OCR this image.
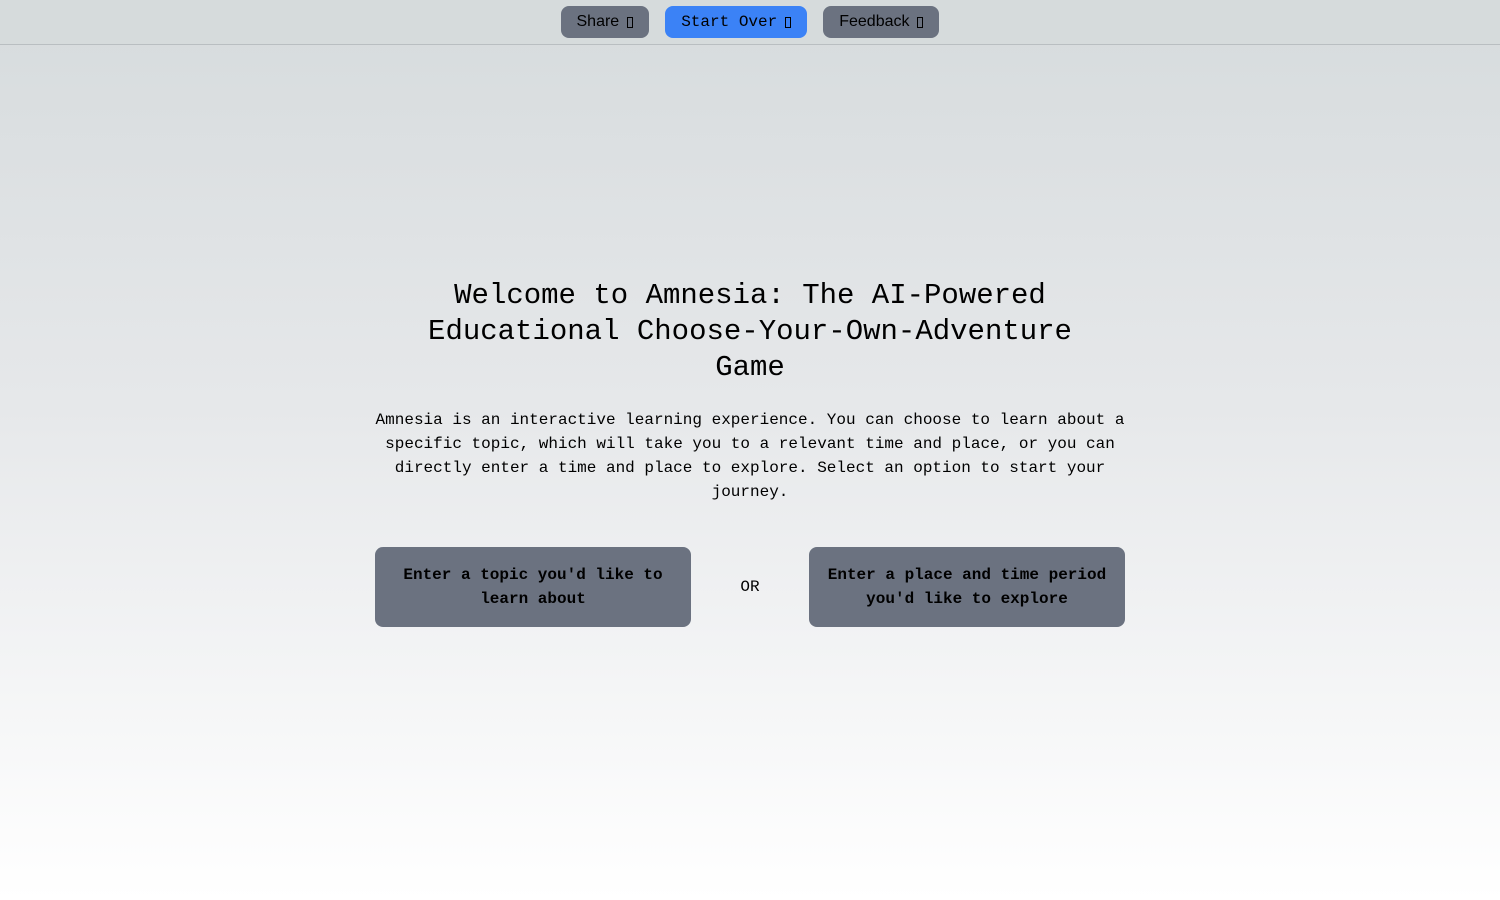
Share	Start Over	Feedback
Welcome to Amnesia: The AI-Powered Educational Choose-Your-Own-Adventure Game

Amnesia is an interactive learning experience. You can choose to learn about a specific topic, which will take you to a relevant time and place, or you can directly enter a time and place to explore. Select an option to start your journey.

Enter a topic you'd like to learn about
OR
Enter a place and time period you'd like to explore
